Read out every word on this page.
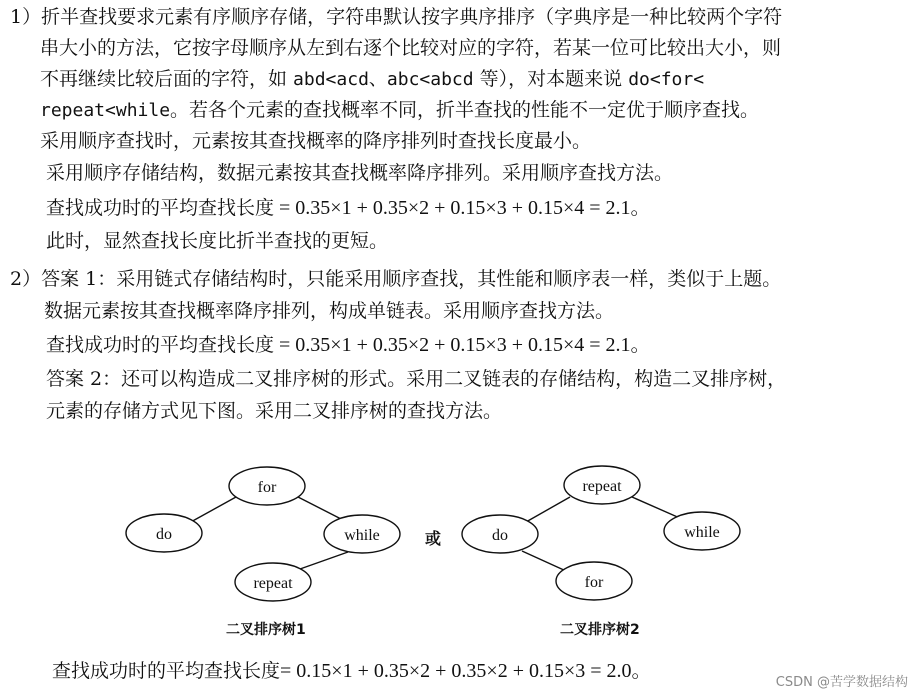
1）折半查找要求元素有序顺序存储，字符串默认按字典序排序（字典序是一种比较两个字符
串大小的方法，它按字母顺序从左到右逐个比较对应的字符，若某一位可比较出大小，则
不再继续比较后面的字符，如 abd<acd、abc<abcd 等），对本题来说 do<for<
repeat<while。若各个元素的查找概率不同，折半查找的性能不一定优于顺序查找。
采用顺序查找时，元素按其查找概率的降序排列时查找长度最小。
采用顺序存储结构，数据元素按其查找概率降序排列。采用顺序查找方法。
查找成功时的平均查找长度 = 0.35×1 + 0.35×2 + 0.15×3 + 0.15×4 = 2.1。
此时，显然查找长度比折半查找的更短。
2）答案 1：采用链式存储结构时，只能采用顺序查找，其性能和顺序表一样，类似于上题。
数据元素按其查找概率降序排列，构成单链表。采用顺序查找方法。
查找成功时的平均查找长度 = 0.35×1 + 0.35×2 + 0.15×3 + 0.15×4 = 2.1。
答案 2：还可以构造成二叉排序树的形式。采用二叉链表的存储结构，构造二叉排序树，
元素的存储方式见下图。采用二叉排序树的查找方法。
for
do	while
repeat
repeat
do	while
for
或
二叉排序树1	二叉排序树2
查找成功时的平均查找长度= 0.15×1 + 0.35×2 + 0.35×2 + 0.15×3 = 2.0。
CSDN @苦学数据结构
